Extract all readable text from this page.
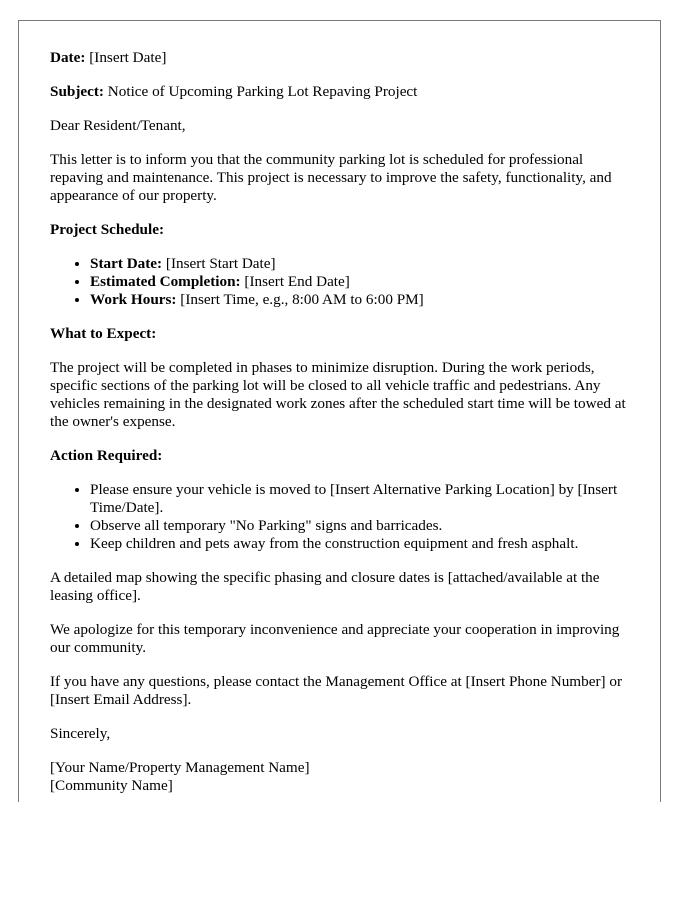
Date: [Insert Date]

Subject: Notice of Upcoming Parking Lot Repaving Project

Dear Resident/Tenant,

This letter is to inform you that the community parking lot is scheduled for professional repaving and maintenance. This project is necessary to improve the safety, functionality, and appearance of our property.

Project Schedule:

• Start Date: [Insert Start Date]
• Estimated Completion: [Insert End Date]
• Work Hours: [Insert Time, e.g., 8:00 AM to 6:00 PM]

What to Expect:

The project will be completed in phases to minimize disruption. During the work periods, specific sections of the parking lot will be closed to all vehicle traffic and pedestrians. Any vehicles remaining in the designated work zones after the scheduled start time will be towed at the owner's expense.

Action Required:

• Please ensure your vehicle is moved to [Insert Alternative Parking Location] by [Insert Time/Date].
• Observe all temporary "No Parking" signs and barricades.
• Keep children and pets away from the construction equipment and fresh asphalt.

A detailed map showing the specific phasing and closure dates is [attached/available at the leasing office].

We apologize for this temporary inconvenience and appreciate your cooperation in improving our community.

If you have any questions, please contact the Management Office at [Insert Phone Number] or [Insert Email Address].

Sincerely,

[Your Name/Property Management Name]
[Community Name]
